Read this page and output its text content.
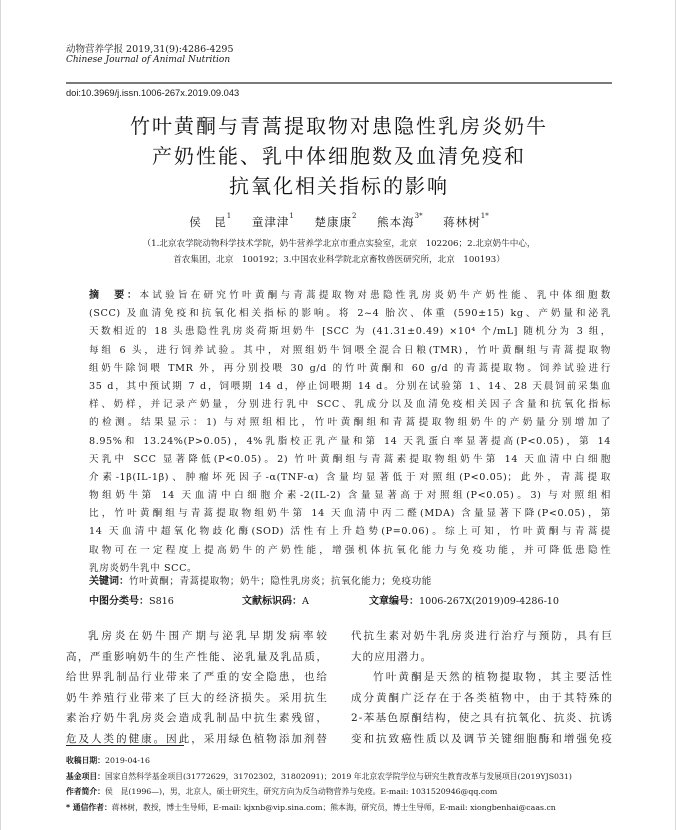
动物营养学报 2019,31(9):4286-4295
Chinese Journal of Animal Nutrition
doi:10.3969/j.issn.1006-267x.2019.09.043
竹叶黄酮与青蒿提取物对患隐性乳房炎奶牛
产奶性能、乳中体细胞数及血清免疫和
抗氧化相关指标的影响
侯　昆$^1$ 童津津$^1$ 楚康康$^2$ 熊本海$^{3*}$ 蒋林树$^{1*}$
（1.北京农学院动物科学技术学院，奶牛营养学北京市重点实验室，北京　102206；2.北京奶牛中心，
首农集团，北京　100192；3.中国农业科学院北京畜牧兽医研究所，北京　100193）
摘　要：本试验旨在研究竹叶黄酮与青蒿提取物对患隐性乳房炎奶牛产奶性能、乳中体细胞数
(SCC) 及血清免疫和抗氧化相关指标的影响。将 2~4 胎次、体重 (590±15) kg、产奶量和泌乳
天数相近的 18 头患隐性乳房炎荷斯坦奶牛 [SCC 为 (41.31±0.49) ×10⁴ 个/mL] 随机分为 3 组，
每组 6 头，进行饲养试验。其中，对照组奶牛饲喂全混合日粮(TMR)，竹叶黄酮组与青蒿提取物
组奶牛除饲喂 TMR 外，再分别投喂 30 g/d 的竹叶黄酮和 60 g/d 的青蒿提取物。饲养试验进行
35 d，其中预试期 7 d，饲喂期 14 d，停止饲喂期 14 d。分别在试验第 1、14、28 天晨饲前采集血
样、奶样，并记录产奶量，分别进行乳中 SCC、乳成分以及血清免疫相关因子含量和抗氧化指标
的检测。结果显示：1) 与对照组相比，竹叶黄酮组和青蒿提取物组奶牛的产奶量分别增加了
8.95%和 13.24%(P>0.05)，4%乳脂校正乳产量和第 14 天乳蛋白率显著提高(P<0.05)，第 14
天乳中 SCC 显著降低(P<0.05)。2) 竹叶黄酮组与青蒿素提取物组奶牛第 14 天血清中白细胞
介素-1β(IL-1β)、肿瘤坏死因子-α(TNF-α) 含量均显著低于对照组(P<0.05)；此外，青蒿提取
物组奶牛第 14 天血清中白细胞介素-2(IL-2) 含量显著高于对照组(P<0.05)。3) 与对照组相
比，竹叶黄酮组与青蒿提取物组奶牛第 14 天血清中丙二醛(MDA) 含量显著下降(P<0.05)，第
14 天血清中超氧化物歧化酶(SOD) 活性有上升趋势(P=0.06)。综上可知，竹叶黄酮与青蒿提
取物可在一定程度上提高奶牛的产奶性能，增强机体抗氧化能力与免疫功能，并可降低患隐性
乳房炎奶牛乳中 SCC。
关键词：竹叶黄酮；青蒿提取物；奶牛；隐性乳房炎；抗氧化能力；免疫功能
中图分类号：S816	文献标识码：A	文章编号：1006-267X(2019)09-4286-10
乳房炎在奶牛围产期与泌乳早期发病率较
高，严重影响奶牛的生产性能、泌乳量及乳品质，
给世界乳制品行业带来了严重的安全隐患，也给
奶牛养殖行业带来了巨大的经济损失。采用抗生
素治疗奶牛乳房炎会造成乳制品中抗生素残留，
危及人类的健康。因此，采用绿色植物添加剂替
代抗生素对奶牛乳房炎进行治疗与预防，具有巨
大的应用潜力。
竹叶黄酮是天然的植物提取物，其主要活性
成分黄酮广泛存在于各类植物中，由于其特殊的
2-苯基色原酮结构，使之具有抗氧化、抗炎、抗诱
变和抗致癌性质以及调节关键细胞酶和增强免疫
收稿日期：2019-04-16
基金项目：国家自然科学基金项目(31772629，31702302，31802091)；2019 年北京农学院学位与研究生教育改革与发展项目(2019YJS031)
作者简介：侯　昆(1996—)，男，北京人，硕士研究生，研究方向为反刍动物营养与免疫。E-mail: 1031520946@qq.com
* 通信作者：蒋林树，教授，博士生导师，E-mail: kjxnb@vip.sina.com；熊本海，研究员，博士生导师，E-mail: xiongbenhai@caas.cn
